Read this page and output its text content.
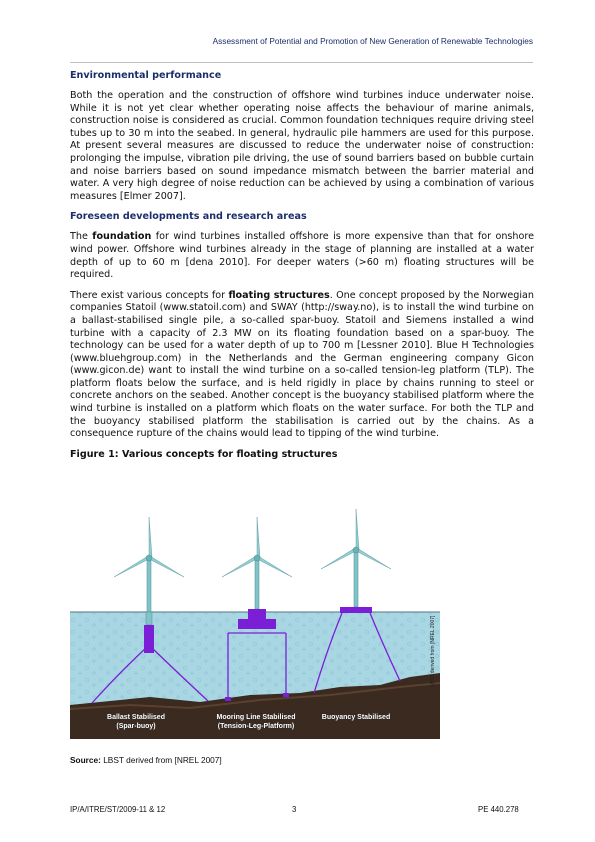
Assessment of Potential and Promotion of New Generation of Renewable Technologies
Environmental performance

Both the operation and the construction of offshore wind turbines induce underwater noise. While it is not yet clear whether operating noise affects the behaviour of marine animals, construction noise is considered as crucial. Common foundation techniques require driving steel tubes up to 30 m into the seabed. In general, hydraulic pile hammers are used for this purpose. At present several measures are discussed to reduce the underwater noise of construction: prolonging the impulse, vibration pile driving, the use of sound barriers based on bubble curtain and noise barriers based on sound impedance mismatch between the barrier material and water. A very high degree of noise reduction can be achieved by using a combination of various measures [Elmer 2007].

Foreseen developments and research areas

The foundation for wind turbines installed offshore is more expensive than that for onshore wind power. Offshore wind turbines already in the stage of planning are installed at a water depth of up to 60 m [dena 2010]. For deeper waters (>60 m) floating structures will be required.

There exist various concepts for floating structures. One concept proposed by the Norwegian companies Statoil (www.statoil.com) and SWAY (http://sway.no), is to install the wind turbine on a ballast-stabilised single pile, a so-called spar-buoy. Statoil and Siemens installed a wind turbine with a capacity of 2.3 MW on its floating foundation based on a spar-buoy. The technology can be used for a water depth of up to 700 m [Lessner 2010]. Blue H Technologies (www.bluehgroup.com) in the Netherlands and the German engineering company Gicon (www.gicon.de) want to install the wind turbine on a so-called tension-leg platform (TLP). The platform floats below the surface, and is held rigidly in place by chains running to steel or concrete anchors on the seabed. Another concept is the buoyancy stabilised platform where the wind turbine is installed on a platform which floats on the water surface. For both the TLP and the buoyancy stabilised platform the stabilisation is carried out by the chains. As a consequence rupture of the chains would lead to tipping of the wind turbine.

Figure 1: Various concepts for floating structures
Ballast Stabilised
(Spar-buoy)
Mooring Line Stabilised
(Tension-Leg-Platform)
Buoyancy Stabilised
LBST derived from [NREL 2007]
Source: LBST derived from [NREL 2007]
IP/A/ITRE/ST/2009-11 & 12	3	PE 440.278
